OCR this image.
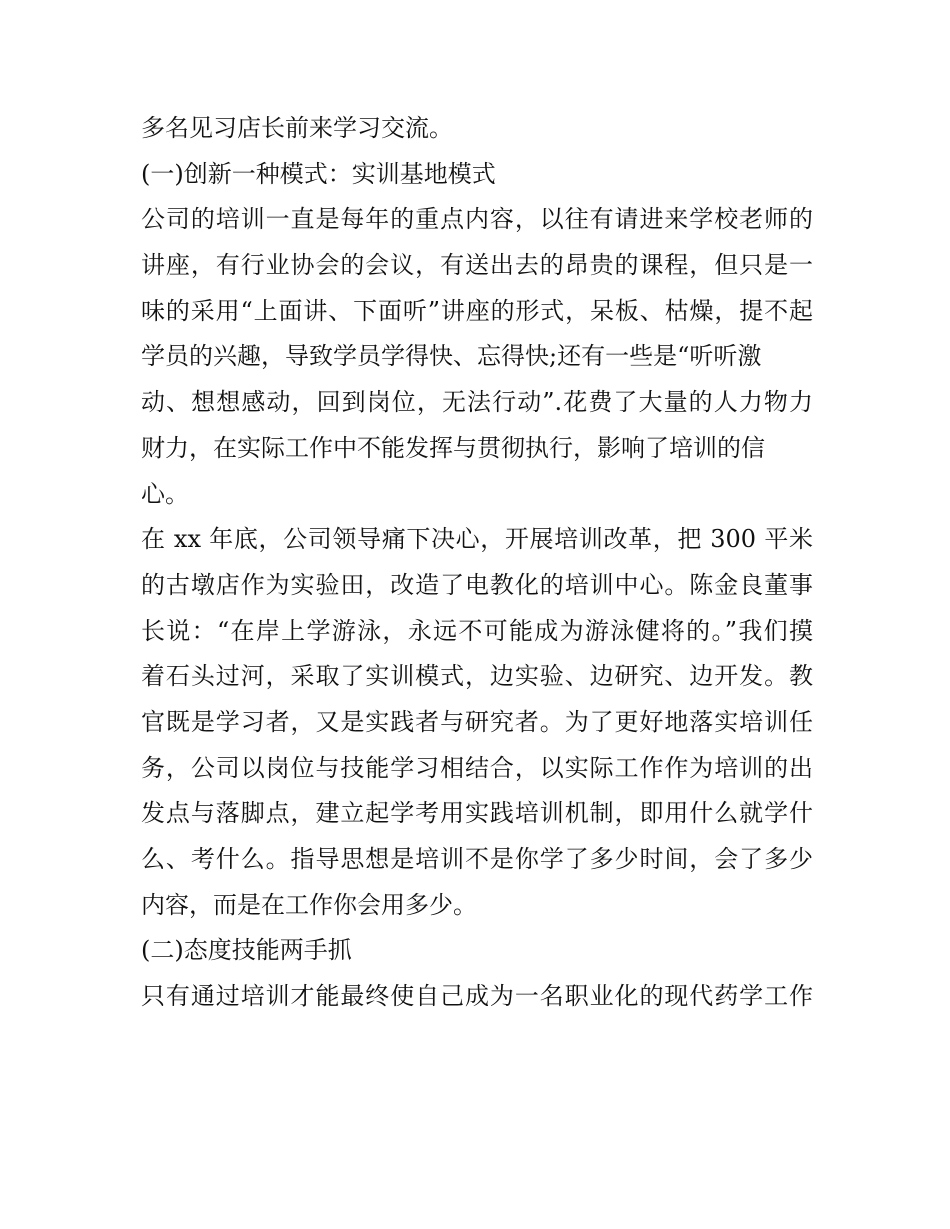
多名见习店长前来学习交流。
(一)创新一种模式：实训基地模式
公司的培训一直是每年的重点内容，以往有请进来学校老师的
讲座，有行业协会的会议，有送出去的昂贵的课程，但只是一
味的采用“上面讲、下面听”讲座的形式，呆板、枯燥，提不起
学员的兴趣，导致学员学得快、忘得快;还有一些是“听听激
动、想想感动，回到岗位，无法行动”.花费了大量的人力物力
财力，在实际工作中不能发挥与贯彻执行，影响了培训的信
心。
在 xx 年底，公司领导痛下决心，开展培训改革，把 300 平米
的古墩店作为实验田，改造了电教化的培训中心。陈金良董事
长说：“在岸上学游泳，永远不可能成为游泳健将的。”我们摸
着石头过河，采取了实训模式，边实验、边研究、边开发。教
官既是学习者，又是实践者与研究者。为了更好地落实培训任
务，公司以岗位与技能学习相结合，以实际工作作为培训的出
发点与落脚点，建立起学考用实践培训机制，即用什么就学什
么、考什么。指导思想是培训不是你学了多少时间，会了多少
内容，而是在工作你会用多少。
(二)态度技能两手抓
只有通过培训才能最终使自己成为一名职业化的现代药学工作
